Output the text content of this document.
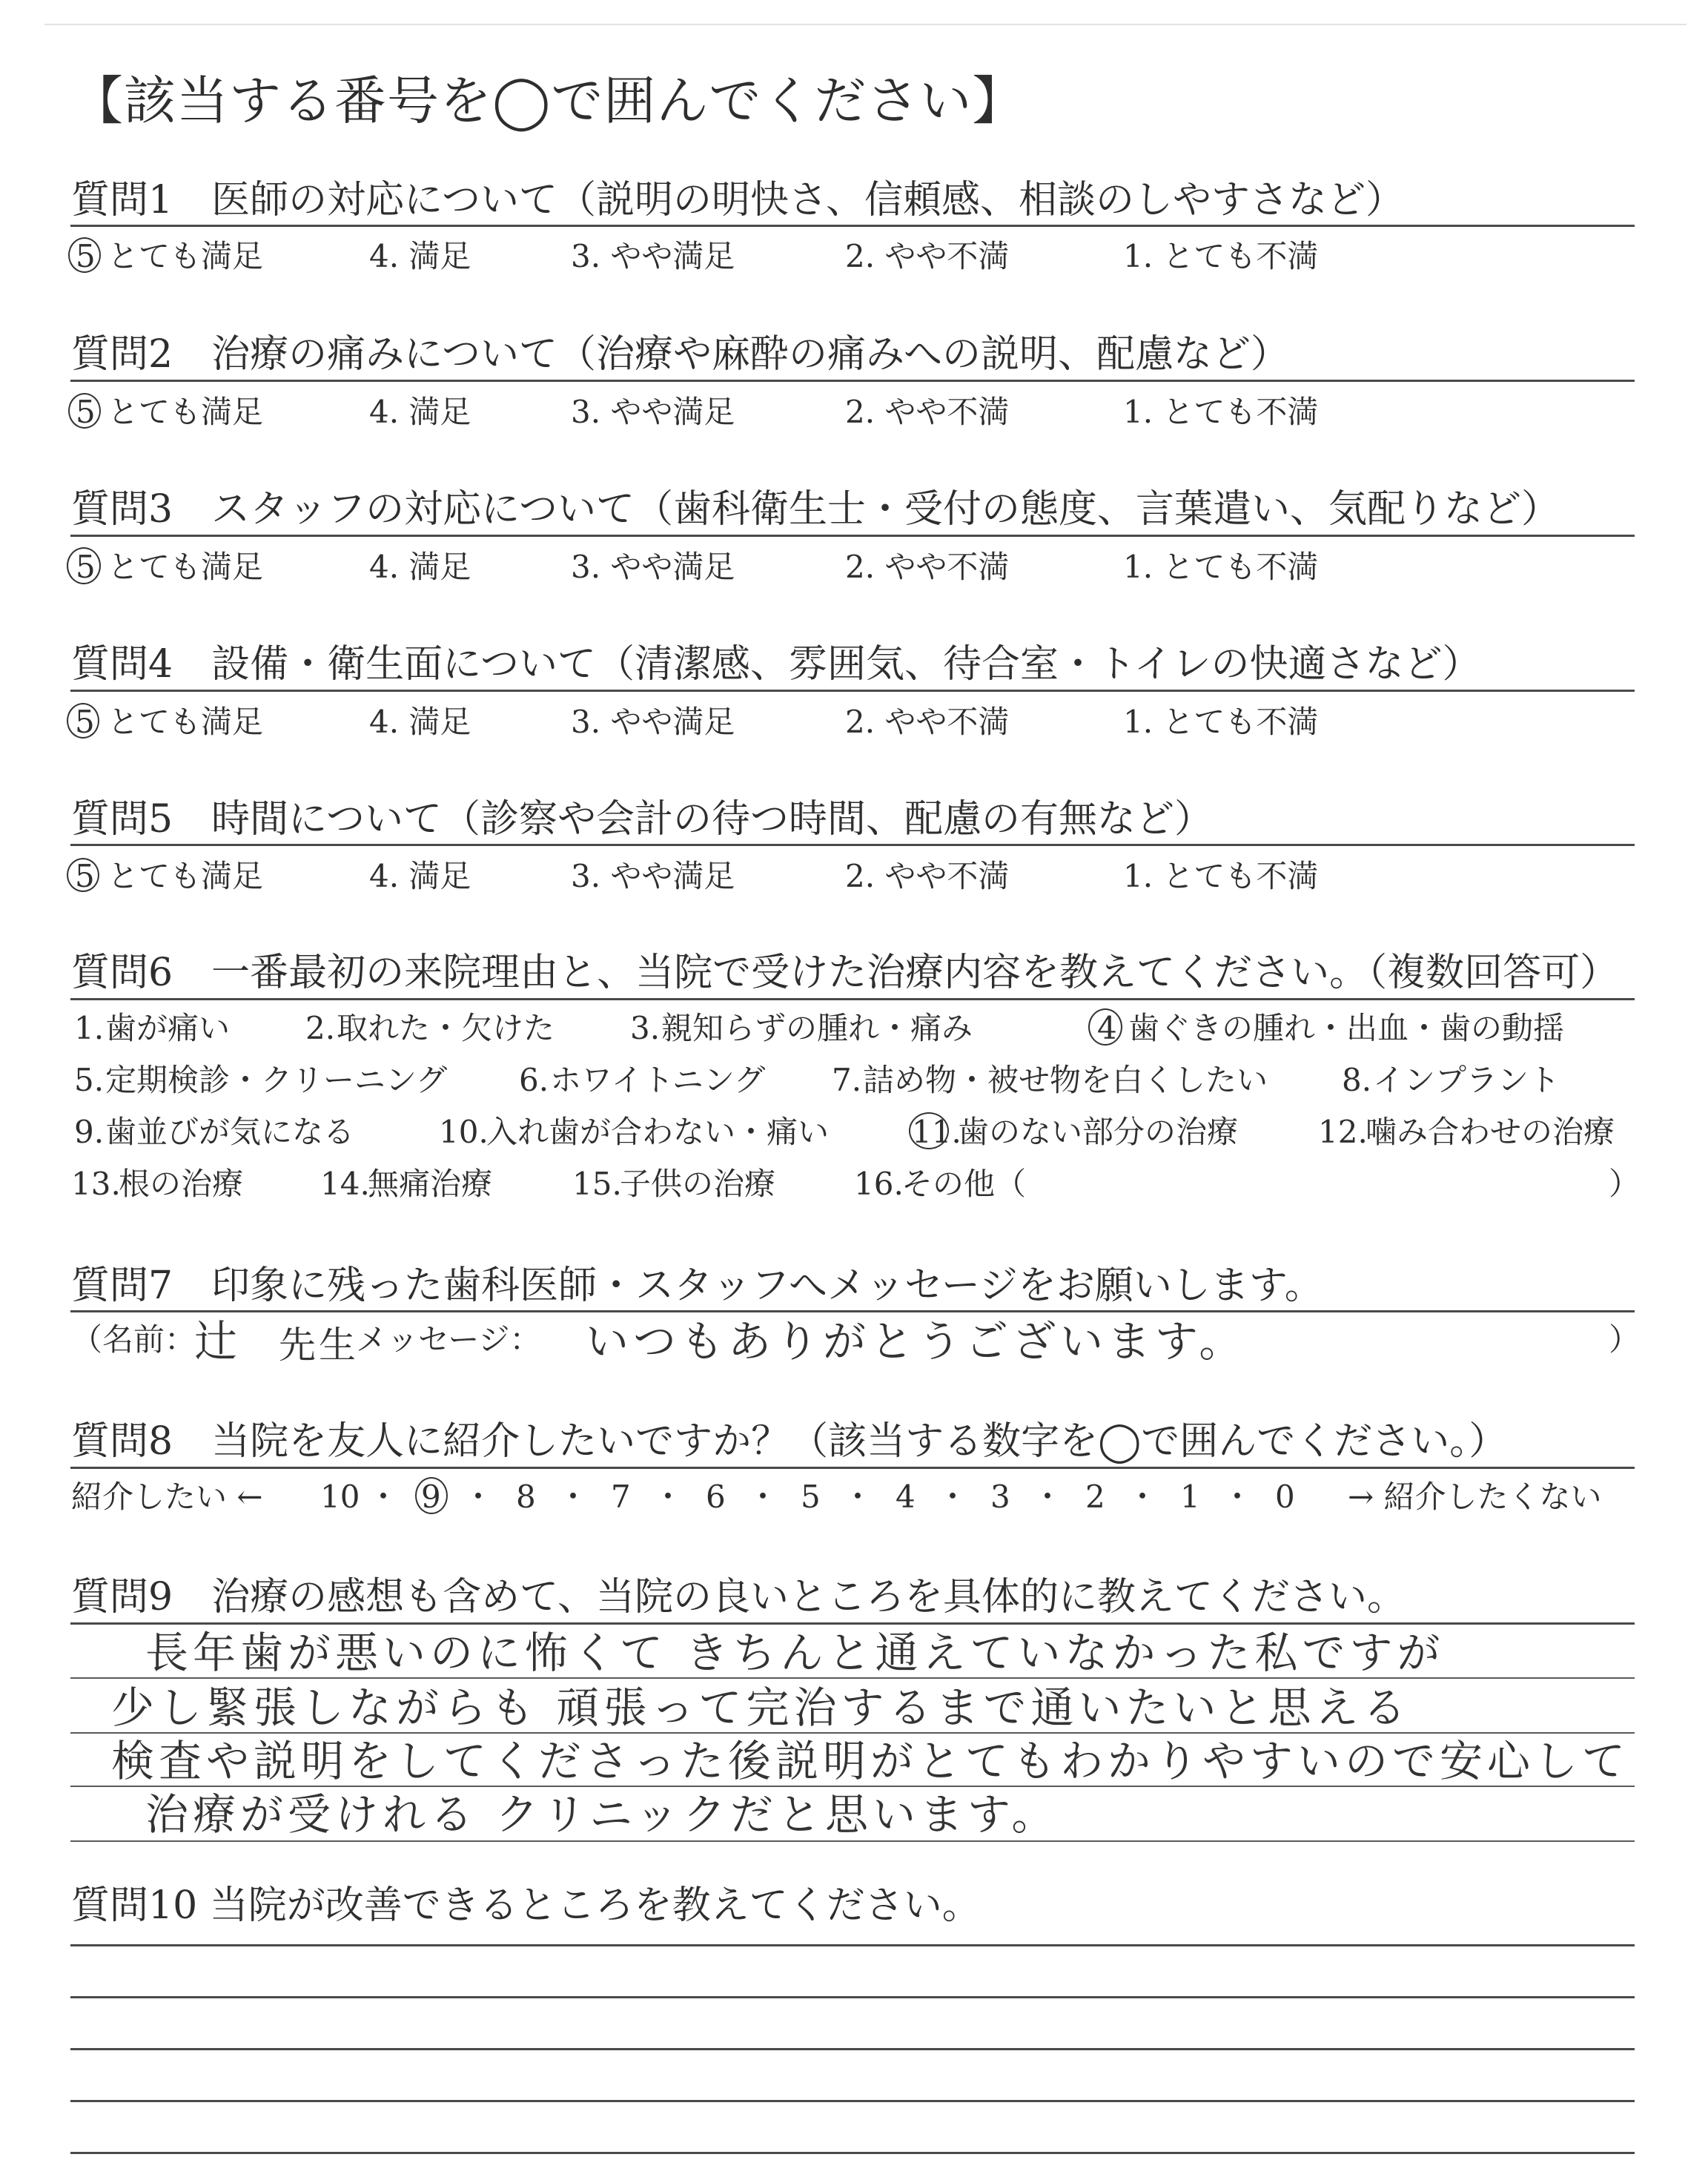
【該当する番号を◯で囲んでください】
質問1　医師の対応について（説明の明快さ、信頼感、相談のしやすさなど）
5 とても満足	4. 満足	3. やや満足	2. やや不満	1. とても不満
質問2　治療の痛みについて（治療や麻酔の痛みへの説明、配慮など）
5 とても満足	4. 満足	3. やや満足	2. やや不満	1. とても不満
質問3　スタッフの対応について（歯科衛生士・受付の態度、言葉遣い、気配りなど）
5 とても満足	4. 満足	3. やや満足	2. やや不満	1. とても不満
質問4　設備・衛生面について（清潔感、雰囲気、待合室・トイレの快適さなど）
5 とても満足	4. 満足	3. やや満足	2. やや不満	1. とても不満
質問5　時間について（診察や会計の待つ時間、配慮の有無など）
5 とても満足	4. 満足	3. やや満足	2. やや不満	1. とても不満
質問6　一番最初の来院理由と、当院で受けた治療内容を教えてください。（複数回答可）
1. 歯が痛い 2. 取れた・欠けた 3. 親知らずの腫れ・痛み	4 歯ぐきの腫れ・出血・歯の動揺
5. 定期検診・クリーニング 6. ホワイトニング 7. 詰め物・被せ物を白くしたい 8. インプラント
9. 歯並びが気になる	10.
入れ歯が合わない・痛い	11.
歯のない部分の治療	12.
噛み合わせの治療
13.
根の治療 14.
無痛治療	15.
子供の治療	16.
その他（	）
質問7　印象に残った歯科医師・スタッフへメッセージをお願いします。
（名前：
辻 先生
メッセージ： いつもありがとうございます。	）
質問8　当院を友人に紹介したいですか？（該当する数字を◯で囲んでください。）
紹介したい ← 10 ・ 9 ・ 8 ・ 7 ・ 6 ・ 5 ・ 4 ・ 3 ・ 2 ・ 1 ・ 0 → 紹介したくない
質問9　治療の感想も含めて、当院の良いところを具体的に教えてください。
長年歯が悪いのに怖くて きちんと通えていなかった私ですが
少し緊張しながらも 頑張って完治するまで通いたいと思える
検査や説明をしてくださった後説明がとてもわかりやすいので安心して
治療が受けれる クリニックだと思います。
質問10 当院が改善できるところを教えてください。
